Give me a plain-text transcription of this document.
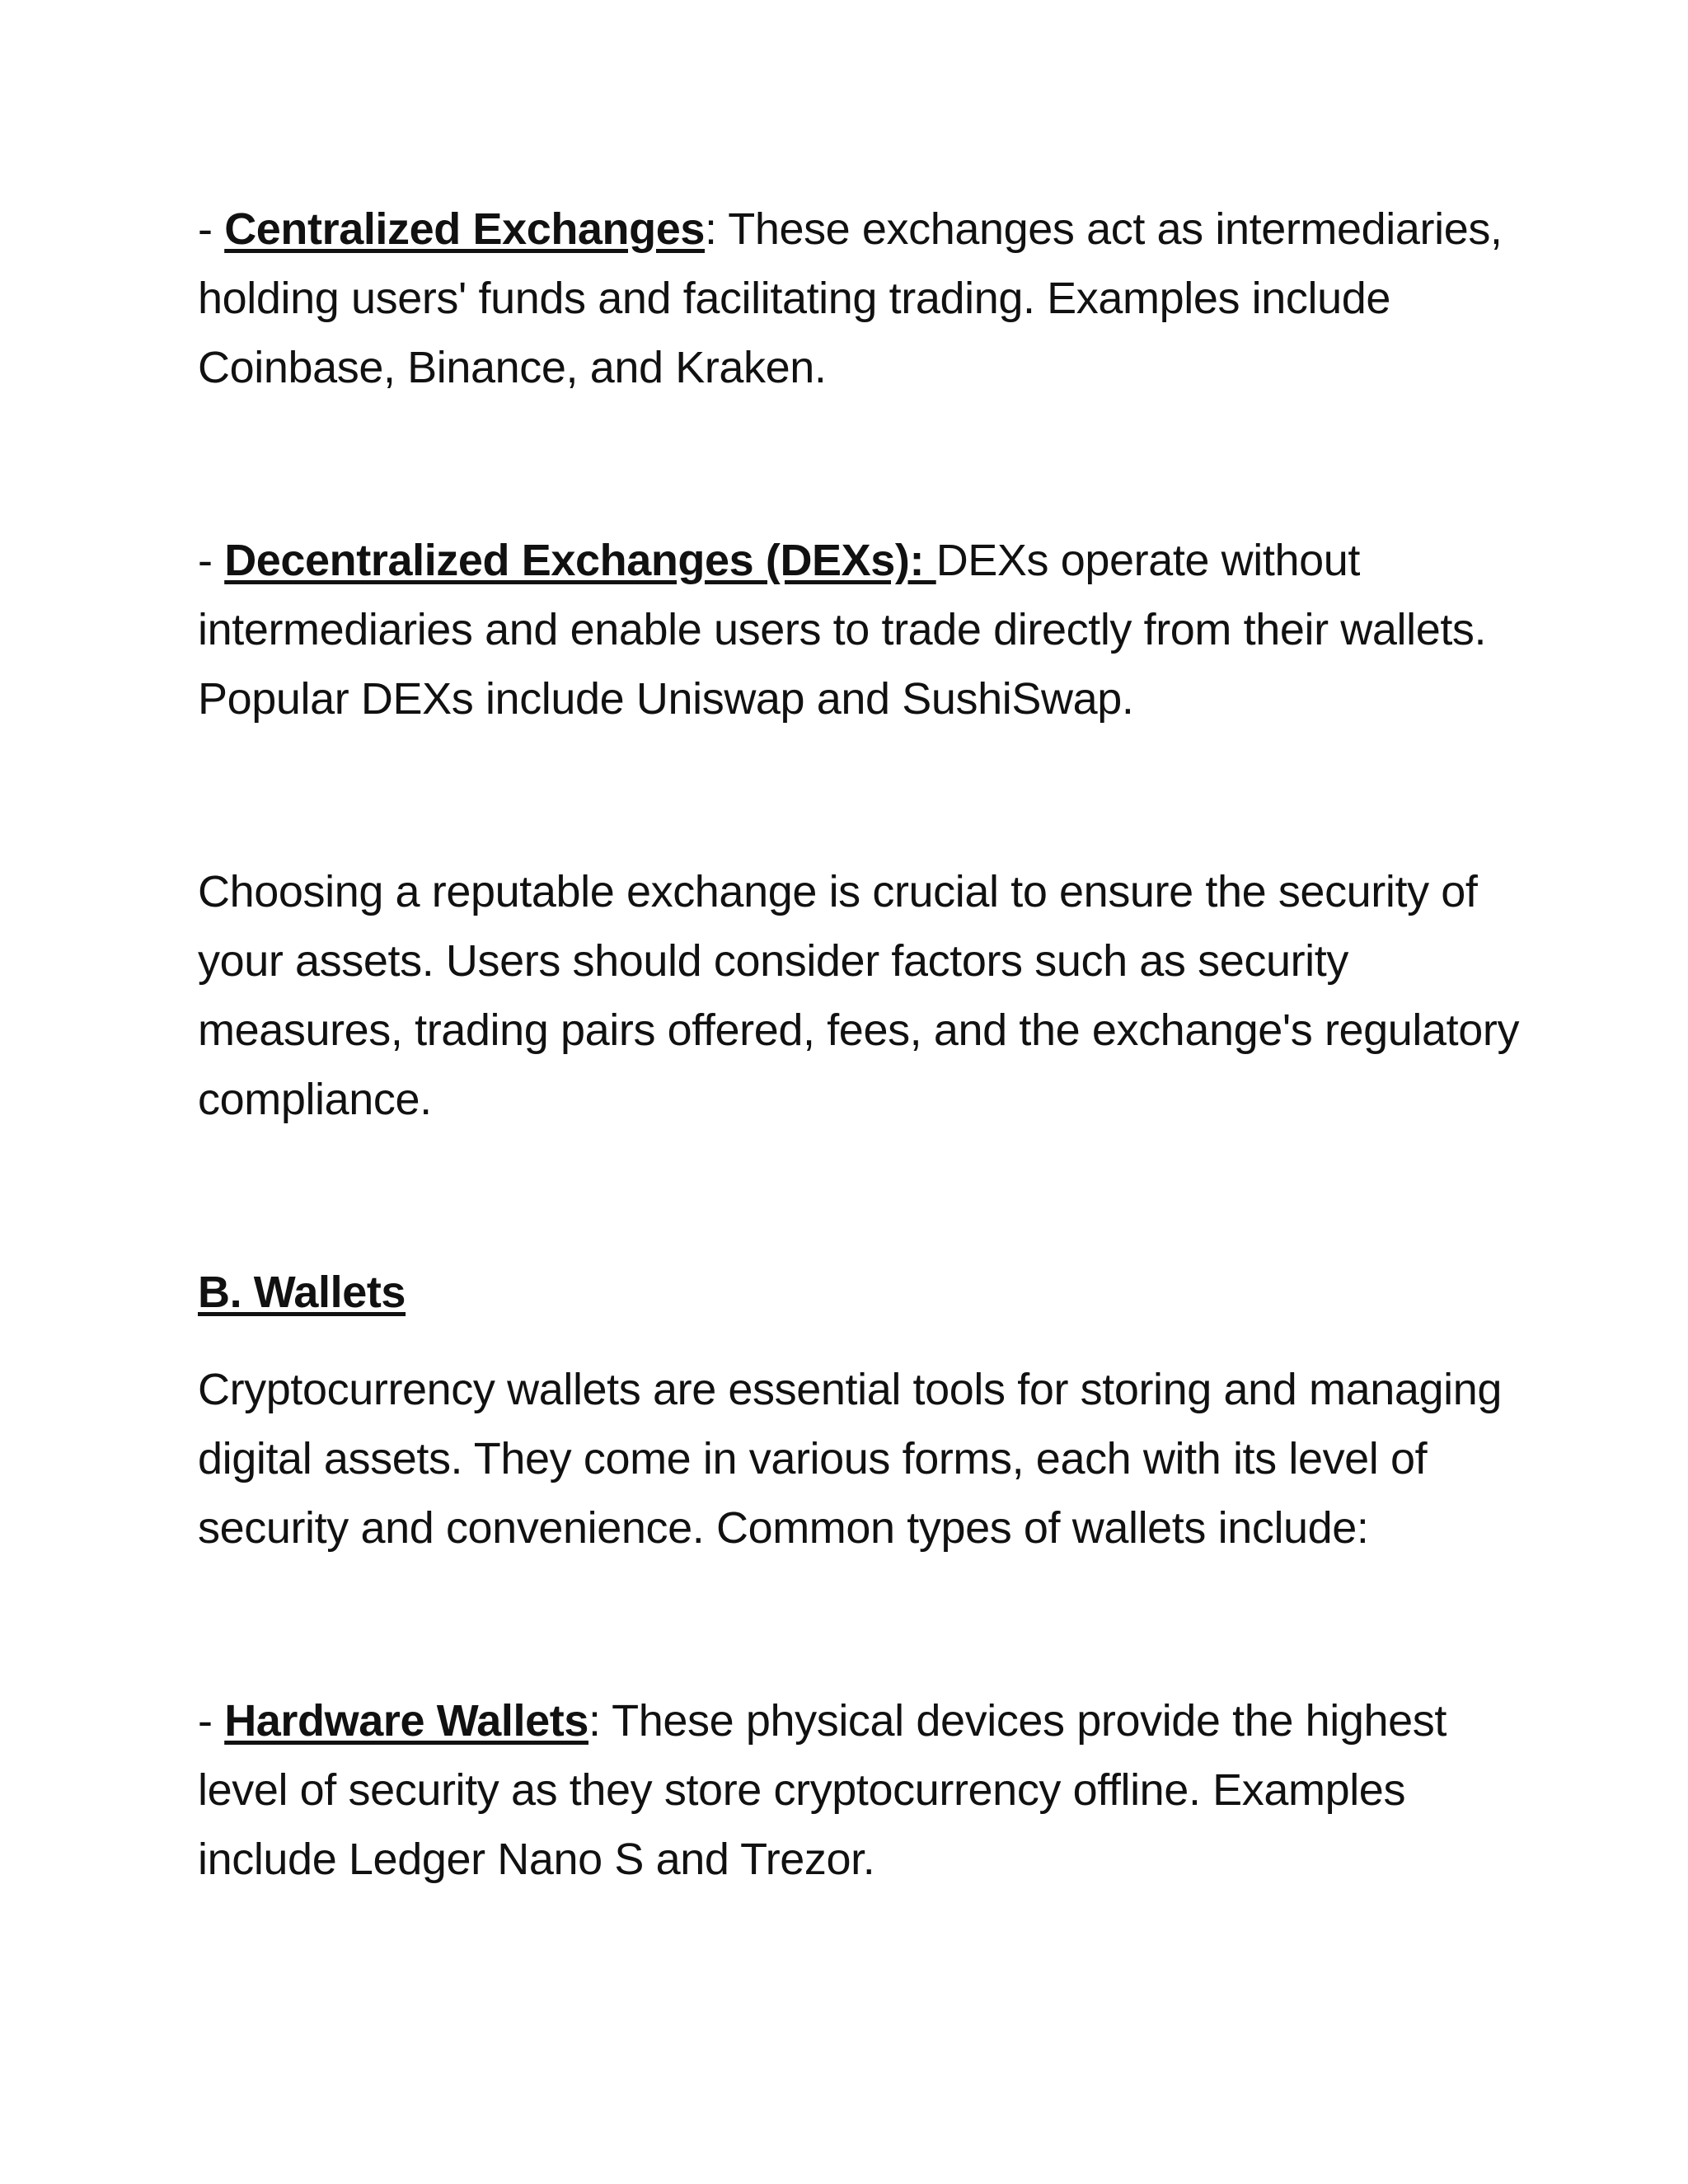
- Centralized Exchanges: These exchanges act as intermediaries, holding users' funds and facilitating trading. Examples include Coinbase, Binance, and Kraken.

- Decentralized Exchanges (DEXs): DEXs operate without intermediaries and enable users to trade directly from their wallets. Popular DEXs include Uniswap and SushiSwap.

Choosing a reputable exchange is crucial to ensure the security of your assets. Users should consider factors such as security measures, trading pairs offered, fees, and the exchange's regulatory compliance.

B. Wallets

Cryptocurrency wallets are essential tools for storing and managing digital assets. They come in various forms, each with its level of security and convenience. Common types of wallets include:

- Hardware Wallets: These physical devices provide the highest level of security as they store cryptocurrency offline. Examples include Ledger Nano S and Trezor.
